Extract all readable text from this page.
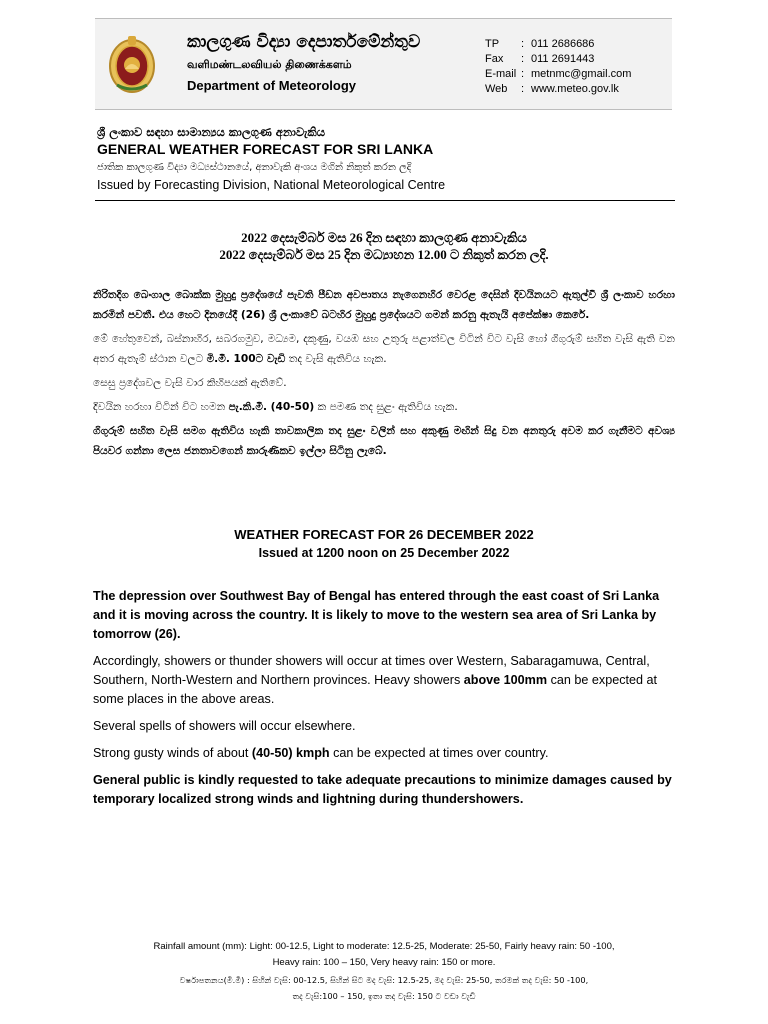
කාලගුණ විද්‍යා දෙපාර්තමේන්තුව
வளிமண்டலவியல் திணைக்களம்
Department of Meteorology
TP	: 011 2686686
Fax	: 011 2691443
E-mail : metnmc@gmail.com
Web	: www.meteo.gov.lk
ශ්‍රී ලංකාව සඳහා සාමාන්‍යය කාලගුණ අනාවැකිය
GENERAL WEATHER FORECAST FOR SRI LANKA
ජාතික කාලගුණ විද්‍යා මධ්‍යස්ථානයේ, අනාවැකි අංශය මගින් නිකුත් කරන ලදි
Issued by Forecasting Division, National Meteorological Centre
2022 දෙසැම්බර් මස 26 දින සඳහා කාලගුණ අනාවැකිය
2022 දෙසැම්බර් මස 25 දින මධ්‍යාහන 12.00 ට නිකුත් කරන ලදි.

නිරිතදිග බෙංගාල බොක්ක මුහුදු ප්‍රදේශයේ පැවති පීඩන අවපාතය නැගෙනහිර වෙරළ දෙසින් දිවයිනයට ඇතුල්වී ශ්‍රී ලංකාව හරහා කරමින් පවතී. එය හෙට දිනයේදී (26) ශ්‍රී ලංකාවේ බටහිර මුහුදු ප්‍රදේශයට ගමන් කරනු ඇතැයි අපේක්ෂා කෙරේ.

මේ හේතුවෙන්, බස්නාහිර, සබරගමුව, මධ්‍යම, දකුණු, වයඹ සහ උතුරු පළාත්වල විටින් විට වැසි හෝ ගිගුරුම් සහිත වැසි ඇති වන අතර ඇතැම් ස්ථාන වලට මි.මී. 100ට වැඩි තද වැසි ඇතිවිය හැක.

සෙසු ප්‍රදේශවල වැසි වාර කිහිපයක් ඇතිවේ.

දිවයින හරහා විටින් විට හමන පැ.කි.මී. (40-50) ක පමණ තද සුළං ඇතිවිය හැක.

ගිගුරුම් සහිත වැසි සමග ඇතිවිය හැකි තාවකාලික තද සුළං වලින් සහ අකුණු මඟින් සිදු වන අනතුරු අවම කර ගැනීමට අවශ්‍ය පියවර ගන්නා ලෙස ජනතාවගෙන් කාරුණිකව ඉල්ලා සිටිනු ලැබේ.

WEATHER FORECAST FOR 26 DECEMBER 2022
Issued at 1200 noon on 25 December 2022

The depression over Southwest Bay of Bengal has entered through the east coast of Sri Lanka and it is moving across the country. It is likely to move to the western sea area of Sri Lanka by tomorrow (26).

Accordingly, showers or thunder showers will occur at times over Western, Sabaragamuwa, Central, Southern, North-Western and Northern provinces. Heavy showers above 100mm can be expected at some places in the above areas.

Several spells of showers will occur elsewhere.

Strong gusty winds of about (40-50) kmph can be expected at times over country.

General public is kindly requested to take adequate precautions to minimize damages caused by temporary localized strong winds and lightning during thundershowers.

Rainfall amount (mm): Light: 00-12.5, Light to moderate: 12.5-25, Moderate: 25-50, Fairly heavy rain: 50 -100,
Heavy rain: 100 – 150, Very heavy rain: 150 or more.
වර්ෂාපතනය(මි.මී) : සිහින් වැසි: 00-12.5, සිහින් සිට මද වැසි: 12.5-25, මද වැසි: 25-50, තරමක් තද වැසි: 50 -100,
තද වැසි:100 – 150, ඉතා තද වැසි: 150 ට වඩා වැඩි
